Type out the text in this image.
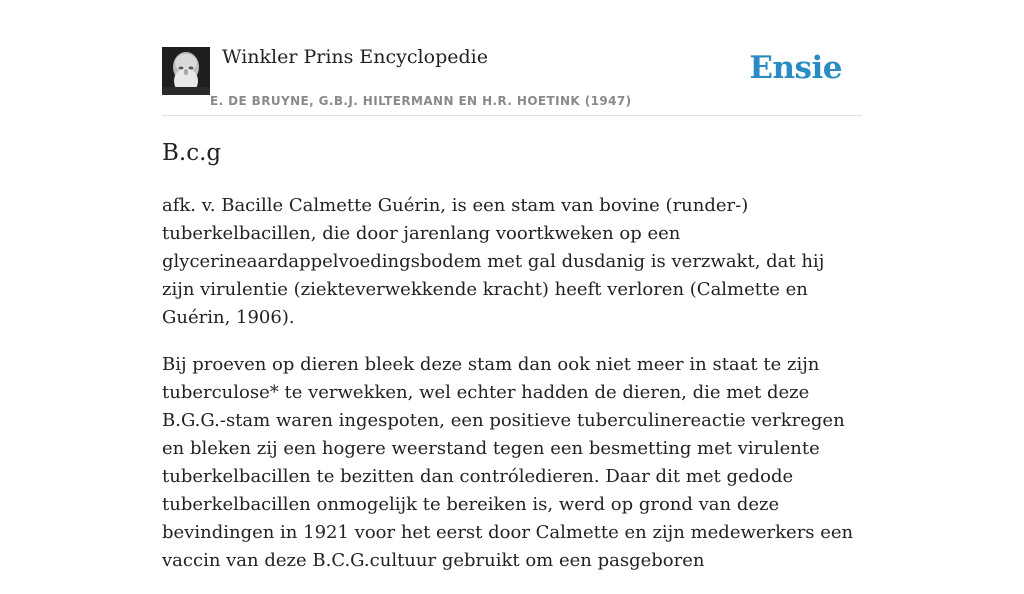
Winkler Prins Encyclopedie
E. DE BRUYNE, G.B.J. HILTERMANN EN H.R. HOETINK (1947)
Ensie
B.c.g

afk. v. Bacille Calmette Guérin, is een stam van bovine (runder-) tuberkelbacillen, die door jarenlang voortkweken op een glycerineaardappelvoedingsbodem met gal dusdanig is verzwakt, dat hij zijn virulentie (ziekteverwekkende kracht) heeft verloren (Calmette en Guérin, 1906).

Bij proeven op dieren bleek deze stam dan ook niet meer in staat te zijn tuberculose* te verwekken, wel echter hadden de dieren, die met deze B.G.G.-stam waren ingespoten, een positieve tuberculinereactie verkregen en bleken zij een hogere weerstand tegen een besmetting met virulente tuberkelbacillen te bezitten dan contróledieren. Daar dit met gedode tuberkelbacillen onmogelijk te bereiken is, werd op grond van deze bevindingen in 1921 voor het eerst door Calmette en zijn medewerkers een vaccin van deze B.C.G.cultuur gebruikt om een pasgeboren
